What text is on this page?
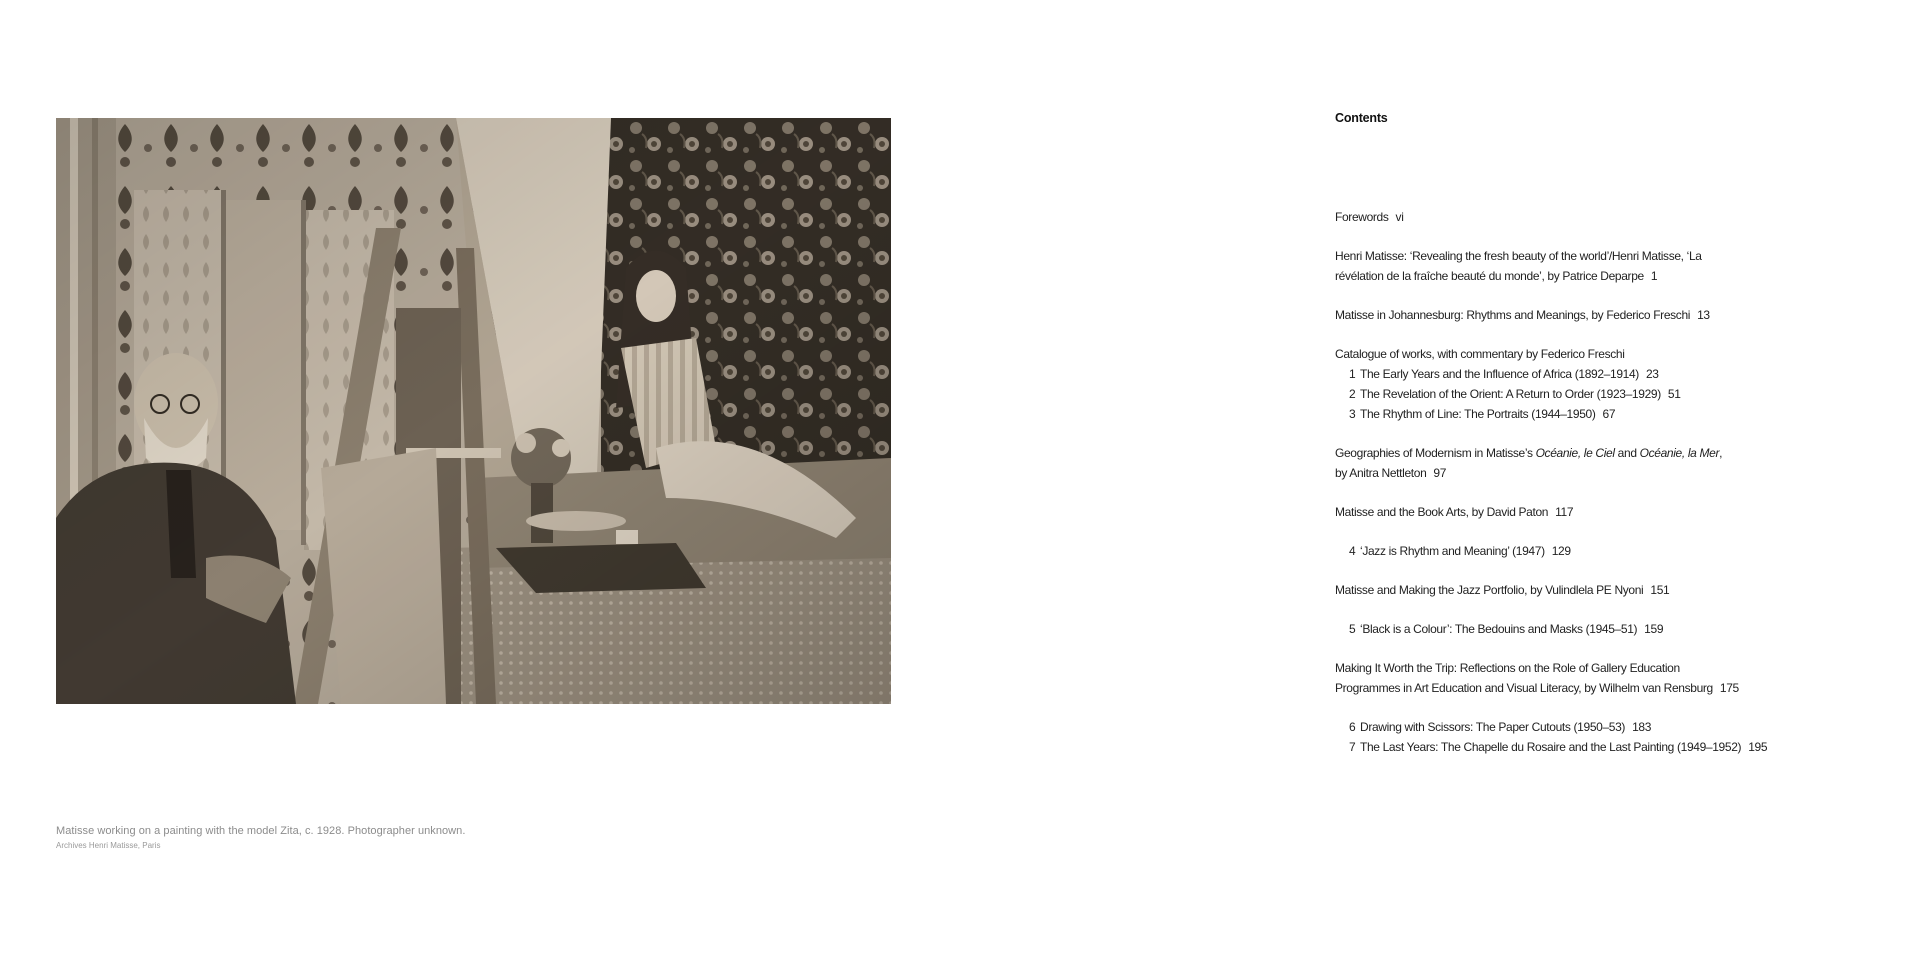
Matisse working on a painting with the model Zita, c. 1928. Photographer unknown.
Archives Henri Matisse, Paris
Contents
Forewords vi
Henri Matisse: ‘Revealing the fresh beauty of the world’/Henri Matisse, ‘La
révélation de la fraîche beauté du monde’, by Patrice Deparpe 1
Matisse in Johannesburg: Rhythms and Meanings, by Federico Freschi 13
Catalogue of works, with commentary by Federico Freschi
1 The Early Years and the Influence of Africa (1892–1914) 23
2 The Revelation of the Orient: A Return to Order (1923–1929) 51
3 The Rhythm of Line: The Portraits (1944–1950) 67
Geographies of Modernism in Matisse’s Océanie, le Ciel and Océanie, la Mer,
by Anitra Nettleton 97
Matisse and the Book Arts, by David Paton 117
4 ‘Jazz is Rhythm and Meaning’ (1947) 129
Matisse and Making the Jazz Portfolio, by Vulindlela PE Nyoni 151
5 ‘Black is a Colour’: The Bedouins and Masks (1945–51) 159
Making It Worth the Trip: Reflections on the Role of Gallery Education
Programmes in Art Education and Visual Literacy, by Wilhelm van Rensburg 175
6 Drawing with Scissors: The Paper Cutouts (1950–53) 183
7 The Last Years: The Chapelle du Rosaire and the Last Painting (1949–1952) 195
